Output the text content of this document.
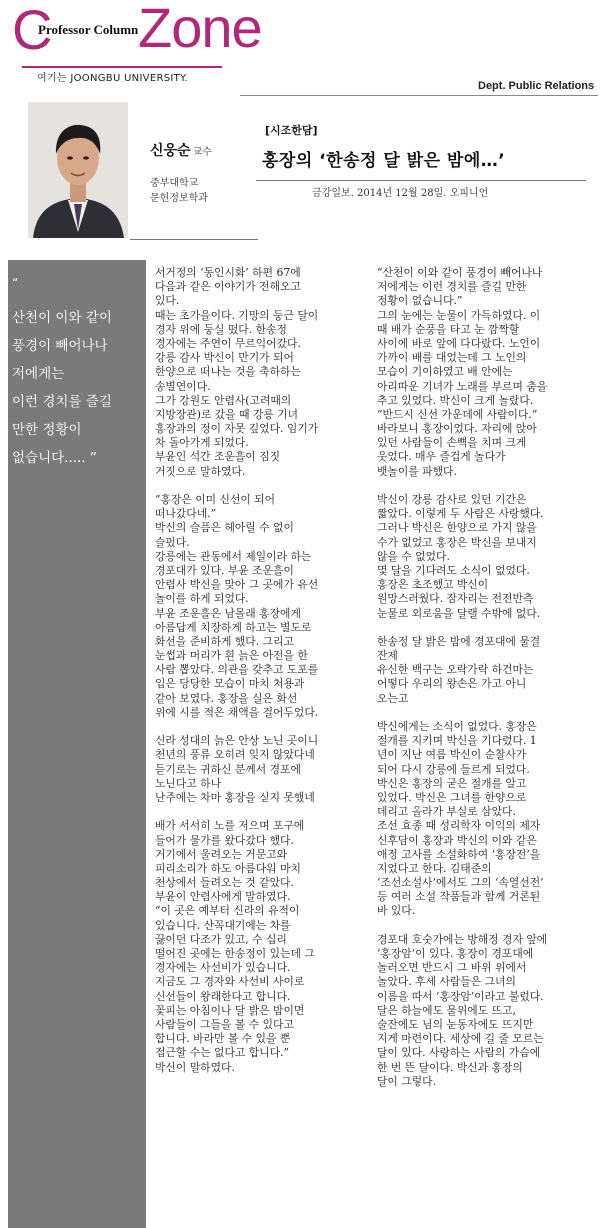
C
Professor Column Zone
여기는 JOONGBU UNIVERSITY.
Dept. Public Relations
신웅순 교수
중부대학교
문헌정보학과
[시조한담]
홍장의 ‘한송정 달 밝은 밤에…’
금강일보. 2014년 12월 28일. 오피니언
“
산천이 이와 같이
풍경이 빼어나나
저에게는
이런 경치를 즐길
만한 정황이
없습니다..... ”
서거정의 ‘동인시화’ 하편 67에
다음과 같은 이야기가 전해오고
있다.
때는 초가을이다. 기망의 둥근 달이
경자 위에 둥실 떴다. 한송정
경자에는 주연이 무르익어갔다.
강릉 감사 박신이 만기가 되어
한양으로 떠나는 것을 축하하는
송별연이다.
그가 강원도 안렴사(고려때의
지방장관)로 갔을 때 강릉 기녀
홍장과의 정이 자못 깊었다. 임기가
차 돌아가게 되었다.
부윤인 석간 조운흘이 짐짓
거짓으로 말하였다.
“홍장은 이미 신선이 되어
떠나갔다네.”
박신의 슬픔은 헤아릴 수 없이
슬펐다.
강릉에는 관동에서 제일이라 하는
경포대가 있다. 부윤 조운흘이
안렴사 박신을 맞아 그 곳에가 유선
놀이를 하게 되었다.
부윤 조운흘은 남몰래 홍장에게
아름답게 치장하게 하고는 별도로
화선을 준비하게 했다. 그리고
눈썹과 머리가 흰 늙은 아전을 한
사람 뽑았다. 의관을 갖추고 도포를
입은 당당한 모습이 마치 처용과
같아 보였다. 홍장을 실은 화선
위에 시를 적은 채액을 걸어두었다.
신라 성대의 늙은 안상 노닌 곳이니
천년의 풍류 오히려 잊지 않았다네
듣기로는 귀하신 분께서 경포에
노닌다고 하나
난주에는 차마 홍장을 싣지 못했네
배가 서서히 노를 저으며 포구에
들어가 물가를 왔다갔다 했다.
거기에서 울려오는 거문고와
피리소리가 하도 아름다워 마치
천상에서 들려오는 것 같았다.
부윤이 안렴사에게 말하였다.
“이 곳은 예부터 신라의 유적이
있습니다. 산꼭대기에는 차를
끓이던 다조가 있고, 수 십리
떨어진 곳에는 한송정이 있는데 그
경자에는 사선비가 있습니다.
지금도 그 경자와 사선비 사이로
신선들이 왕래한다고 합니다.
꽃피는 아침이나 달 밝은 밤이면
사람들이 그들을 볼 수 있다고
합니다. 바라만 볼 수 있을 뿐
접근할 수는 없다고 합니다.”
박신이 말하였다.
“산천이 이와 같이 풍경이 빼어나나
저에게는 이런 경치를 즐길 만한
정황이 없습니다.”
그의 눈에는 눈물이 가득하였다. 이
때 배가 순풍을 타고 눈 깜짝할
사이에 바로 앞에 다다랐다. 노인이
가까이 배를 대었는데 그 노인의
모습이 기이하였고 배 안에는
아리따운 기녀가 노래를 부르며 춤을
추고 있었다. 박신이 크게 놀랐다.
“반드시 신선 가운데에 사람이다.”
바라보니 홍장이었다. 자리에 앉아
있던 사람들이 손뼉을 치며 크게
웃었다. 매우 즐겁게 놀다가
뱃놀이를 파했다.
박신이 강릉 감사로 있던 기간은
짧았다. 이렇게 두 사람은 사랑했다.
그러나 박신은 한양으로 가지 않을
수가 없었고 홍장은 박신을 보내지
않을 수 없었다.
몇 달을 기다려도 소식이 없었다.
홍장은 초조했고 박신이
원망스러웠다. 잠자리는 전전반측
눈물로 외로움을 달랠 수밖에 없다.
한송정 달 밝은 밤에 경포대에 물결
잔제
유신한 백구는 오락가락 하건마는
어떻다 우리의 왕손은 가고 아니
오는고
박신에게는 소식이 없었다. 홍장은
절개를 지키며 박신을 기다렸다. 1
년이 지난 여름 박신이 순찰사가
되어 다시 강릉에 들르게 되었다.
박신은 홍장의 굳은 절개를 알고
있었다. 박신은 그녀를 한양으로
데리고 올라가 부실로 삼았다.
조선 효종 때 성리학자 이익의 제자
신후담이 홍장과 박신의 이와 같은
애정 고사를 소설화하여 ‘홍장전’을
지었다고 한다. 김태준의
‘조선소설사’에서도 그의 ‘속열선전’
등 여러 소설 작품들과 함께 거론된
바 있다.
경포대 호숫가에는 방해정 경자 앞에
‘홍장암’이 있다. 홍장이 경포대에
놀러오면 반드시 그 바위 위에서
놀았다. 후세 사람들은 그녀의
이름을 따서 ‘홍장암’이라고 불렀다.
달은 하늘에도 물위에도 뜨고,
술잔에도 님의 눈동자에도 뜨지만
지게 마련이다. 세상에 길 줄 모르는
달이 있다. 사랑하는 사람의 가슴에
한 번 뜬 달이다. 박신과 홍장의
달이 그렇다.
